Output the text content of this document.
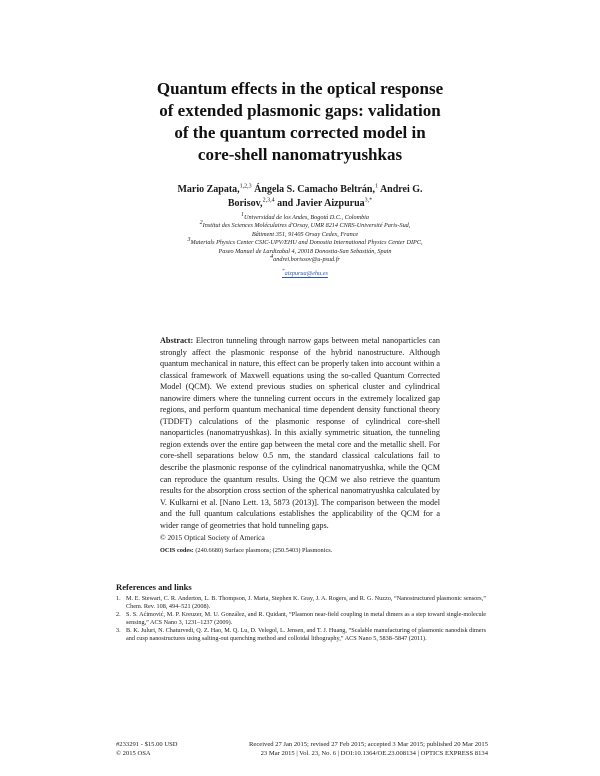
Quantum effects in the optical response
of extended plasmonic gaps: validation
of the quantum corrected model in
core-shell nanomatryushkas
Mario Zapata,$^{1,2,3}$ Ángela S. Camacho Beltrán,$^1$ Andrei G.
Borisov,$^{2,3,4}$ and Javier Aizpurua$^{3,*}$
$^1$Universidad de los Andes, Bogotá D.C., Colombia
$^2$Institut des Sciences Moléculaires d'Orsay, UMR 8214 CNRS-Université Paris-Sud,
Bâtiment 351, 91405 Orsay Cedex, France
$^3$Materials Physics Center CSIC-UPV/EHU and Donostia International Physics Center DIPC,
Paseo Manuel de Lardizabal 4, 20018 Donostia-San Sebastián, Spain
$^4$andrei.borissov@u-psud.fr
*aizpurua@ehu.es
Abstract: Electron tunneling through narrow gaps between metal nanoparticles can strongly affect the plasmonic response of the hybrid nanostructure. Although quantum mechanical in nature, this effect can be properly taken into account within a classical framework of Maxwell equations using the so-called Quantum Corrected Model (QCM). We extend previous studies on spherical cluster and cylindrical nanowire dimers where the tunneling current occurs in the extremely localized gap regions, and perform quantum mechanical time dependent density functional theory (TDDFT) calculations of the plasmonic response of cylindrical core-shell nanoparticles (nanomatryushkas). In this axially symmetric situation, the tunneling region extends over the entire gap between the metal core and the metallic shell. For core-shell separations below 0.5 nm, the standard classical calculations fail to describe the plasmonic response of the cylindrical nanomatryushka, while the QCM can reproduce the quantum results. Using the QCM we also retrieve the quantum results for the absorption cross section of the spherical nanomatryushka calculated by V. Kulkarni et al. [Nano Lett. 13, 5873 (2013)]. The comparison between the model and the full quantum calculations establishes the applicability of the QCM for a wider range of geometries that hold tunneling gaps.
© 2015 Optical Society of America
OCIS codes: (240.6680) Surface plasmons; (250.5403) Plasmonics.
References and links
1. M. E. Stewart, C. R. Anderton, L. B. Thompson, J. Maria, Stephen K. Gray, J. A. Rogers, and R. G. Nuzzo, “Nanostructured plasmonic sensors,” Chem. Rev. 108, 494–521 (2008).
2. S. S. Aćimović, M. P. Kreuzer, M. U. González, and R. Quidant, “Plasmon near-field coupling in metal dimers as a step toward single-molecule sensing,” ACS Nano 3, 1231–1237 (2009).
3. B. K. Juluri, N. Chaturvedi, Q. Z. Hao, M. Q. Lu, D. Velegol, L. Jensen, and T. J. Huang, “Scalable manufacturing of plasmonic nanodisk dimers and cusp nanostructures using salting-out quenching method and colloidal lithography,” ACS Nano 5, 5838–5847 (2011).
#233291 - $15.00 USD
© 2015 OSA
Received 27 Jan 2015; revised 27 Feb 2015; accepted 3 Mar 2015; published 20 Mar 2015
23 Mar 2015 | Vol. 23, No. 6 | DOI:10.1364/OE.23.008134 | OPTICS EXPRESS 8134
